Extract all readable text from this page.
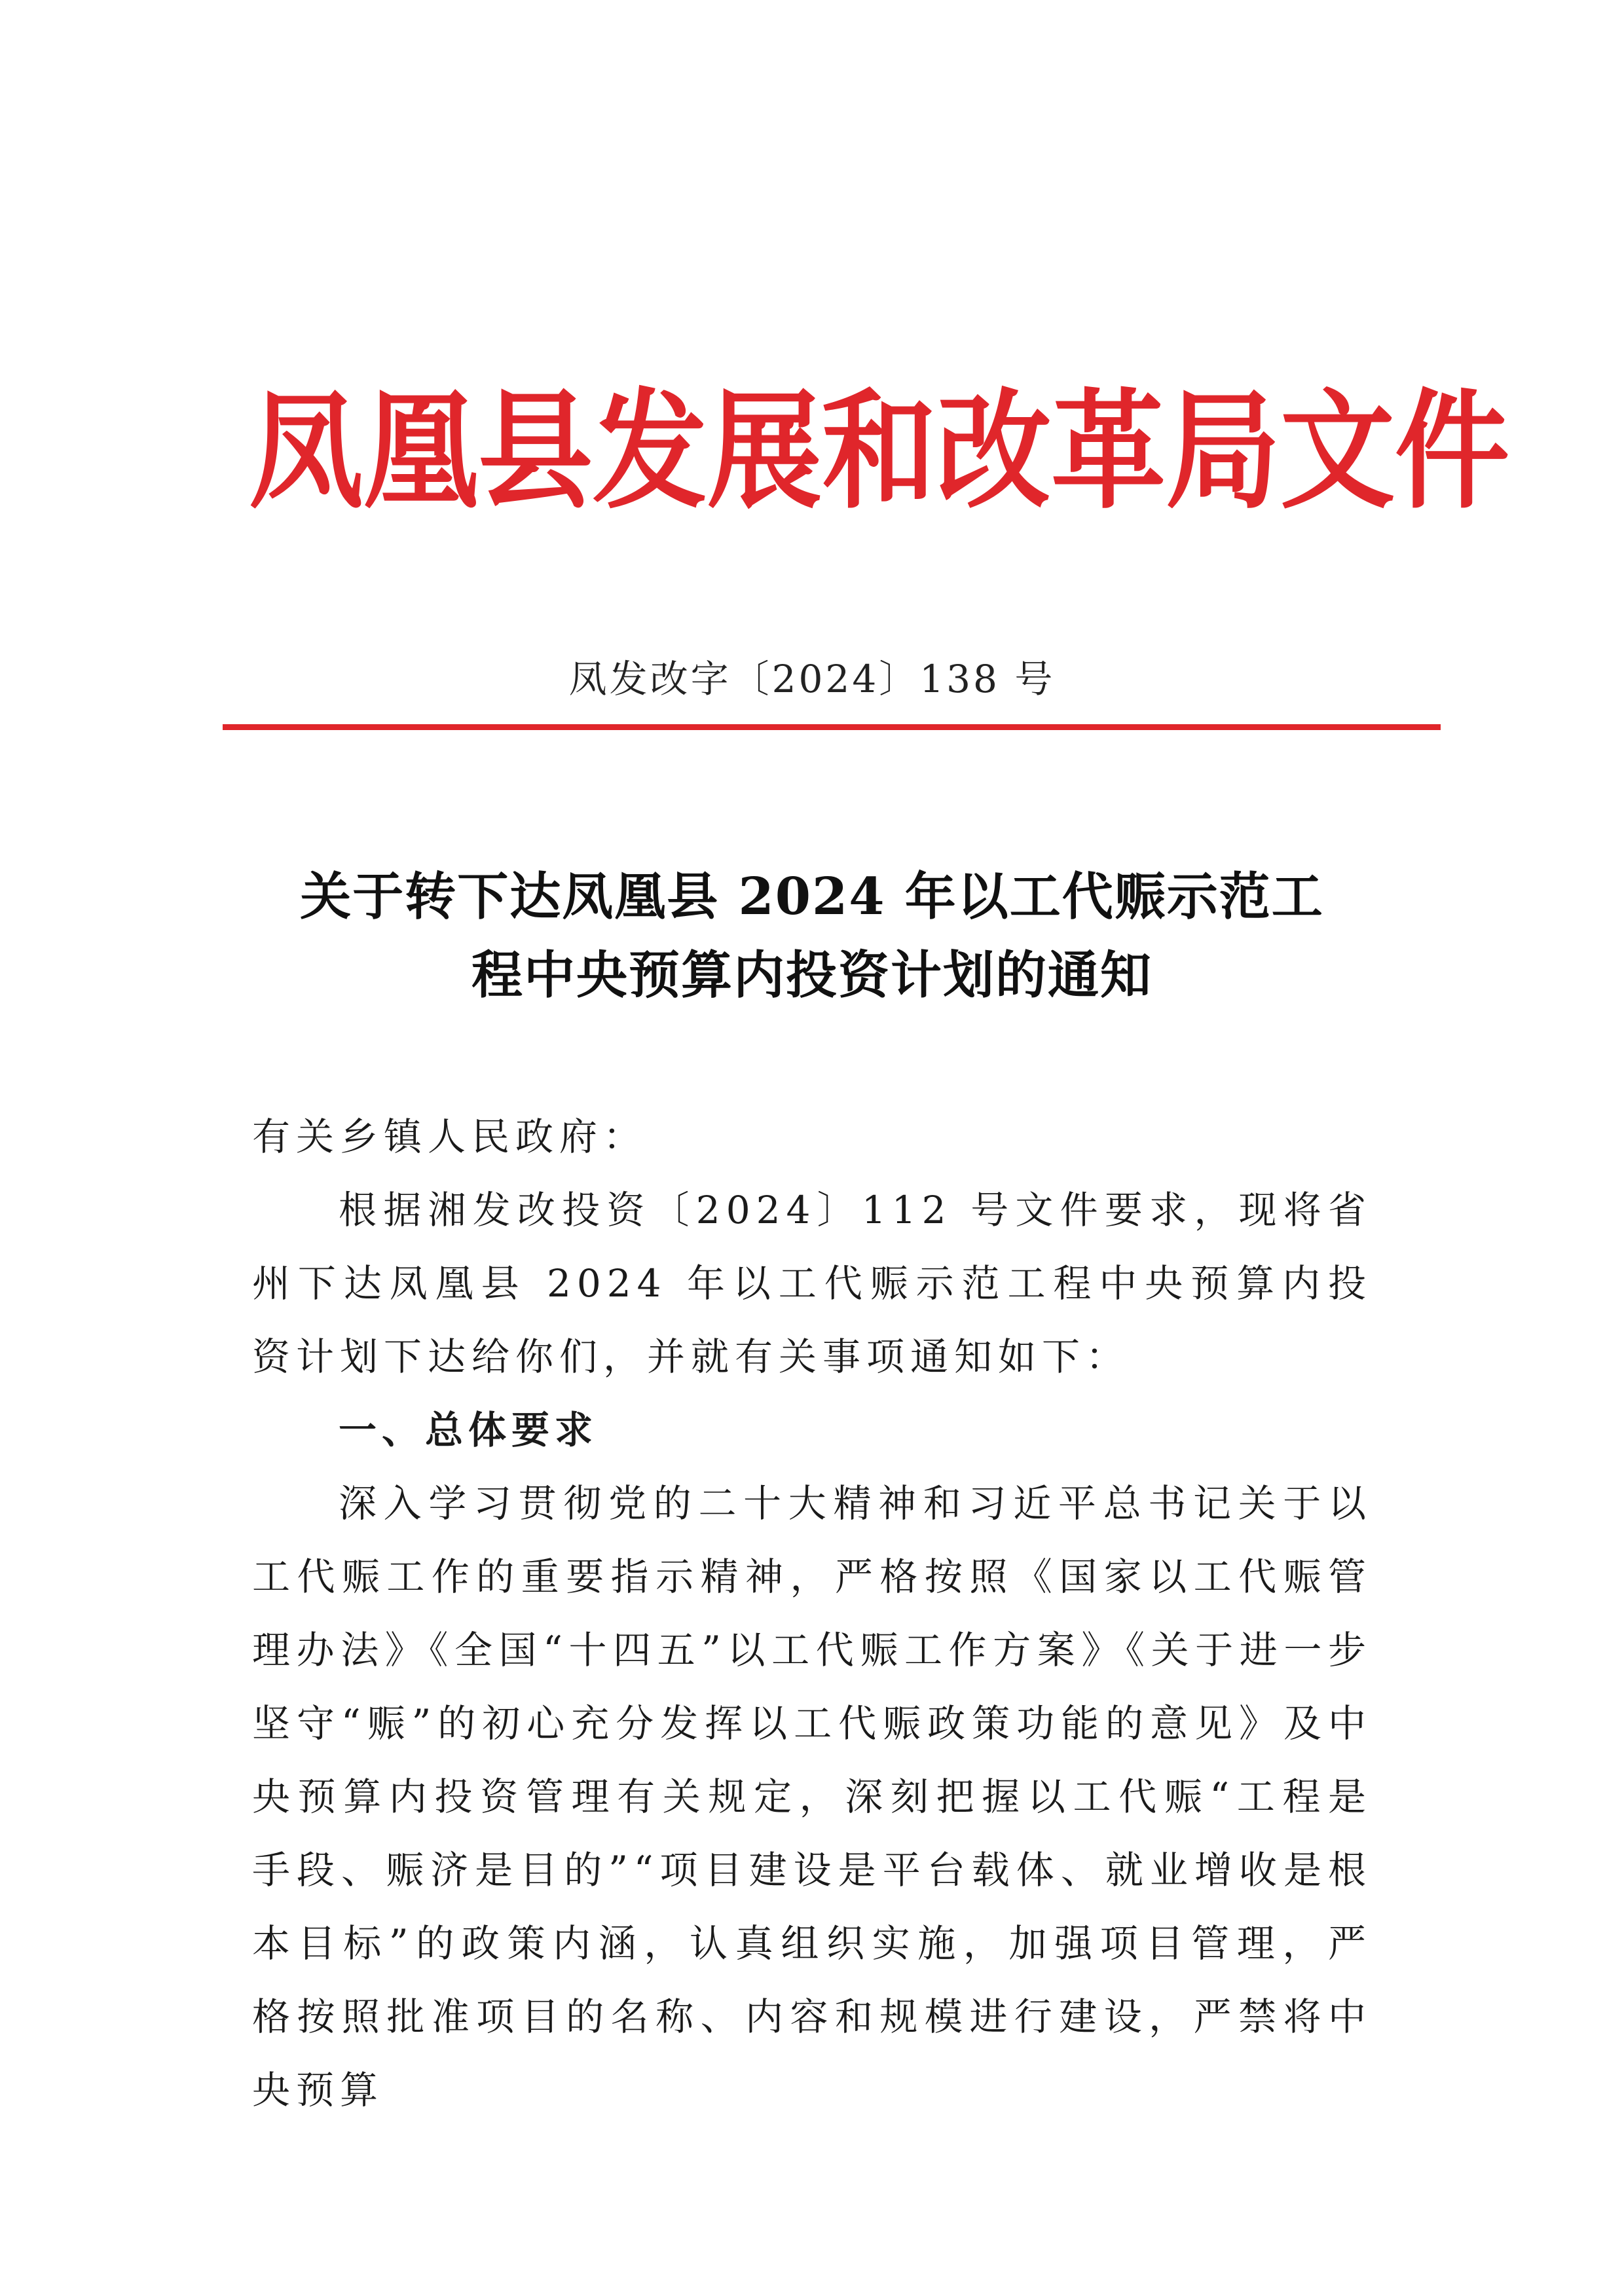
凤 凰 县 发 展 和 改 革 局 文 件

凤发改字〔2024〕138 号

关于转下达凤凰县 2024 年以工代赈示范工
程中央预算内投资计划的通知

有关乡镇人民政府：

根据湘发改投资〔2024〕112 号文件要求，现将省州下达凤凰县 2024 年以工代赈示范工程中央预算内投资计划下达给你们，并就有关事项通知如下：

一、总体要求

深入学习贯彻党的二十大精神和习近平总书记关于以工代赈工作的重要指示精神，严格按照《国家以工代赈管理办法》《全国“十四五”以工代赈工作方案》《关于进一步坚守“赈”的初心充分发挥以工代赈政策功能的意见》及中央预算内投资管理有关规定，深刻把握以工代赈“工程是手段、赈济是目的”“项目建设是平台载体、就业增收是根本目标”的政策内涵，认真组织实施，加强项目管理，严格按照批准项目的名称、内容和规模进行建设，严禁将中央预算
